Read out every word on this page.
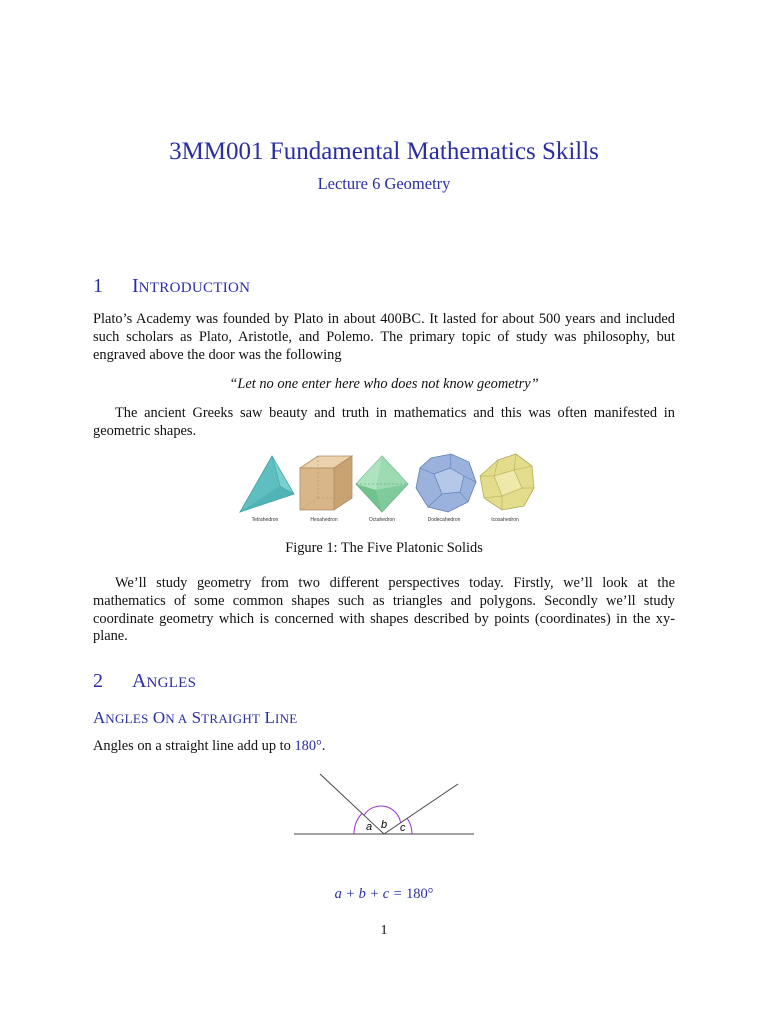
3MM001 Fundamental Mathematics Skills
Lecture 6 Geometry
1 INTRODUCTION
Plato’s Academy was founded by Plato in about 400BC. It lasted for about 500 years and included such scholars as Plato, Aristotle, and Polemo. The primary topic of study was philosophy, but engraved above the door was the following
“Let no one enter here who does not know geometry”
The ancient Greeks saw beauty and truth in mathematics and this was often manifested in geometric shapes.
Tetrahedron	Hexahedron	Octahedron	Dodecahedron	Icosahedron
Figure 1: The Five Platonic Solids
We’ll study geometry from two different perspectives today. Firstly, we’ll look at the mathematics of some common shapes such as triangles and polygons. Secondly we’ll study coordinate geometry which is concerned with shapes described by points (coordinates) in the xy-plane.
2 ANGLES
ANGLES ON A STRAIGHT LINE
Angles on a straight line add up to 180°.
a b c
a + b + c = 180°
1
